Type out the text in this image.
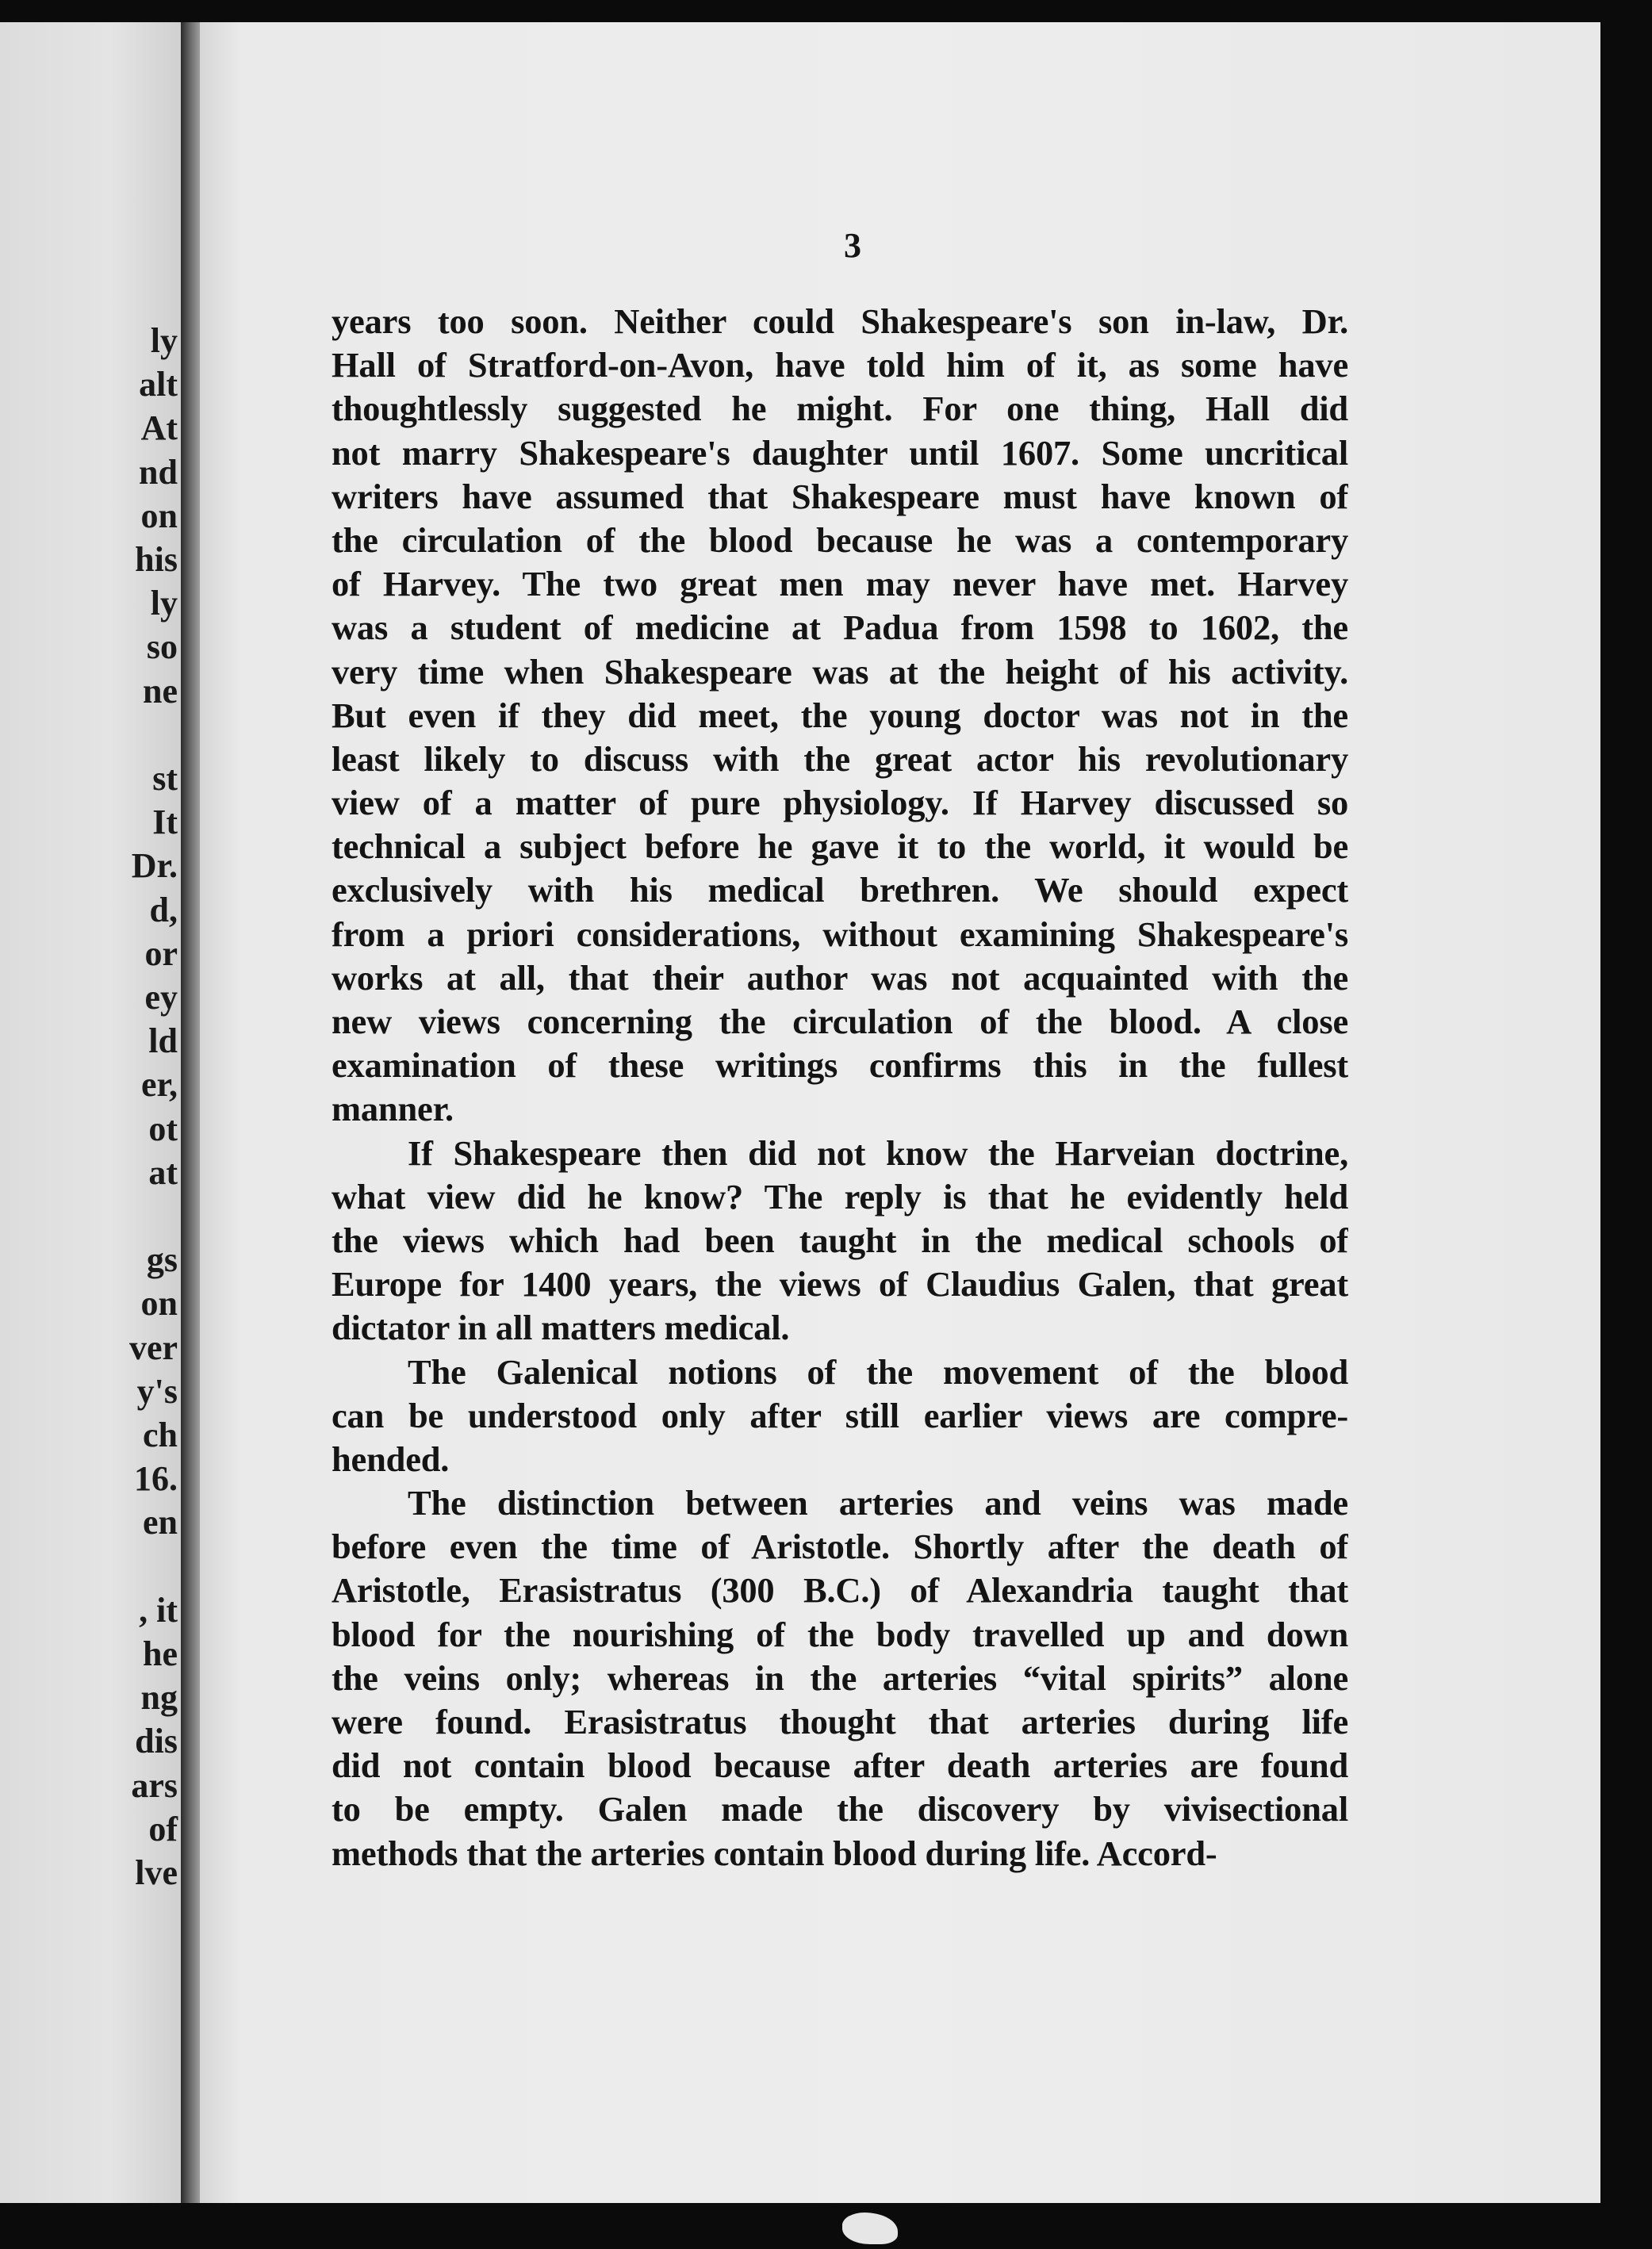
ly
alt
At
nd
on
his
ly
so
ne
st
It
Dr.
d,
or
ey
ld
er,
ot
at
gs
on
ver
y's
ch
16.
en
, it
he
ng
dis
ars
of
lve
3
years too soon. Neither could Shakespeare's son in-law, Dr.
Hall of Stratford-on-Avon, have told him of it, as some have
thoughtlessly suggested he might. For one thing, Hall did
not marry Shakespeare's daughter until 1607. Some uncritical
writers have assumed that Shakespeare must have known of
the circulation of the blood because he was a contemporary
of Harvey. The two great men may never have met. Harvey
was a student of medicine at Padua from 1598 to 1602, the
very time when Shakespeare was at the height of his activity.
But even if they did meet, the young doctor was not in the
least likely to discuss with the great actor his revolutionary
view of a matter of pure physiology. If Harvey discussed so
technical a subject before he gave it to the world, it would be
exclusively with his medical brethren. We should expect
from a priori considerations, without examining Shakespeare's
works at all, that their author was not acquainted with the
new views concerning the circulation of the blood. A close
examination of these writings confirms this in the fullest
manner.
If Shakespeare then did not know the Harveian doctrine,
what view did he know? The reply is that he evidently held
the views which had been taught in the medical schools of
Europe for 1400 years, the views of Claudius Galen, that great
dictator in all matters medical.
The Galenical notions of the movement of the blood
can be understood only after still earlier views are compre-
hended.
The distinction between arteries and veins was made
before even the time of Aristotle. Shortly after the death of
Aristotle, Erasistratus (300 B.C.) of Alexandria taught that
blood for the nourishing of the body travelled up and down
the veins only; whereas in the arteries “vital spirits” alone
were found. Erasistratus thought that arteries during life
did not contain blood because after death arteries are found
to be empty. Galen made the discovery by vivisectional
methods that the arteries contain blood during life. Accord-
